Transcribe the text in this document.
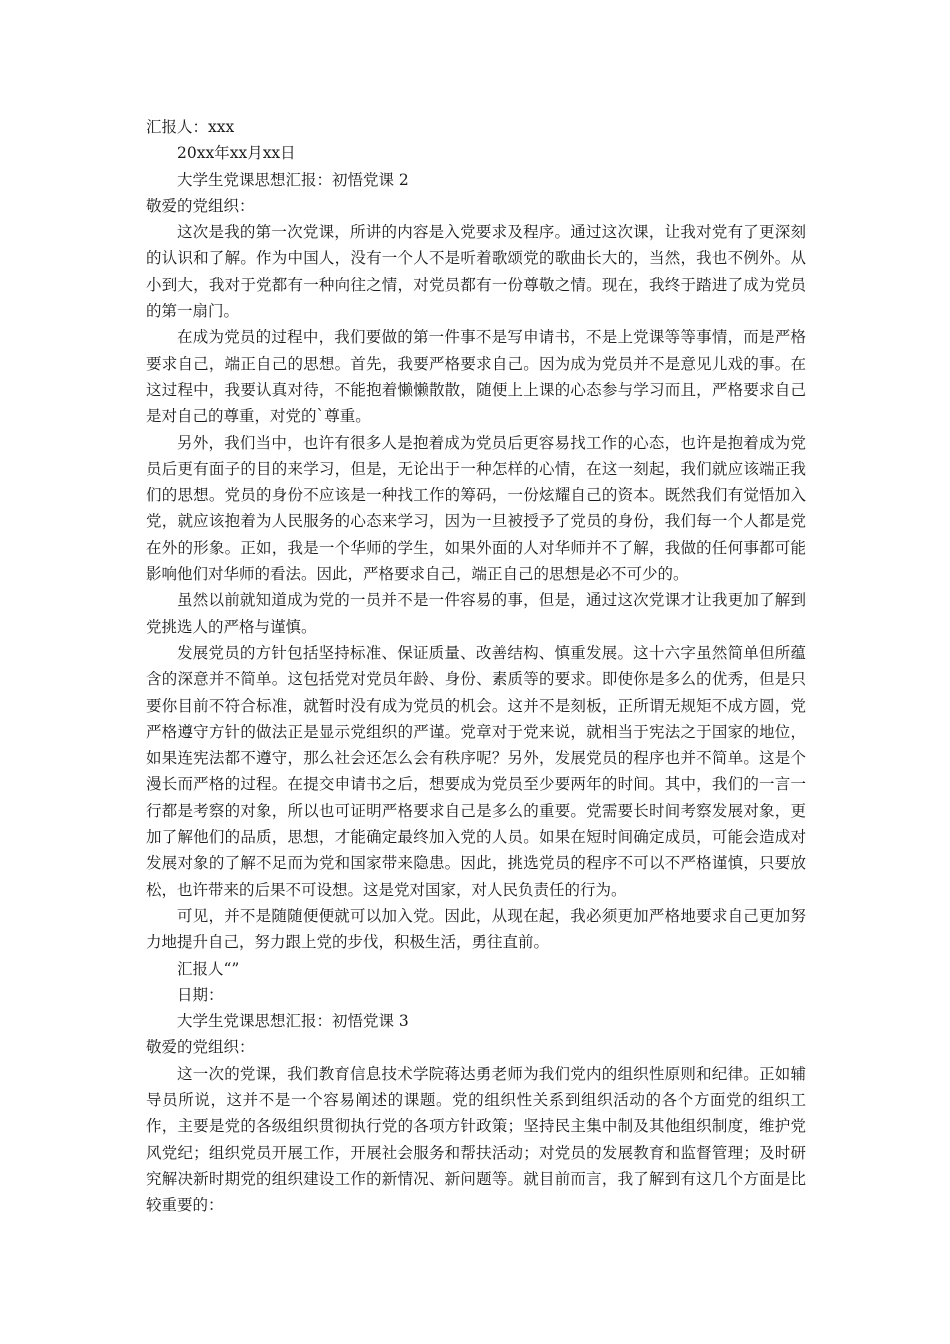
汇报人：xxx

20xx年xx月xx日

大学生党课思想汇报：初悟党课 2

敬爱的党组织：

这次是我的第一次党课，所讲的内容是入党要求及程序。通过这次课，让我对党有了更深刻的认识和了解。作为中国人，没有一个人不是听着歌颂党的歌曲长大的，当然，我也不例外。从小到大，我对于党都有一种向往之情，对党员都有一份尊敬之情。现在，我终于踏进了成为党员的第一扇门。

在成为党员的过程中，我们要做的第一件事不是写申请书，不是上党课等等事情，而是严格要求自己，端正自己的思想。首先，我要严格要求自己。因为成为党员并不是意见儿戏的事。在这过程中，我要认真对待，不能抱着懒懒散散，随便上上课的心态参与学习而且，严格要求自己是对自己的尊重，对党的`尊重。

另外，我们当中，也许有很多人是抱着成为党员后更容易找工作的心态，也许是抱着成为党员后更有面子的目的来学习，但是，无论出于一种怎样的心情，在这一刻起，我们就应该端正我们的思想。党员的身份不应该是一种找工作的筹码，一份炫耀自己的资本。既然我们有觉悟加入党，就应该抱着为人民服务的心态来学习，因为一旦被授予了党员的身份，我们每一个人都是党在外的形象。正如，我是一个华师的学生，如果外面的人对华师并不了解，我做的任何事都可能影响他们对华师的看法。因此，严格要求自己，端正自己的思想是必不可少的。

虽然以前就知道成为党的一员并不是一件容易的事，但是，通过这次党课才让我更加了解到党挑选人的严格与谨慎。

发展党员的方针包括坚持标准、保证质量、改善结构、慎重发展。这十六字虽然简单但所蕴含的深意并不简单。这包括党对党员年龄、身份、素质等的要求。即使你是多么的优秀，但是只要你目前不符合标准，就暂时没有成为党员的机会。这并不是刻板，正所谓无规矩不成方圆，党严格遵守方针的做法正是显示党组织的严谨。党章对于党来说，就相当于宪法之于国家的地位，如果连宪法都不遵守，那么社会还怎么会有秩序呢？另外，发展党员的程序也并不简单。这是个漫长而严格的过程。在提交申请书之后，想要成为党员至少要两年的时间。其中，我们的一言一行都是考察的对象，所以也可证明严格要求自己是多么的重要。党需要长时间考察发展对象，更加了解他们的品质，思想，才能确定最终加入党的人员。如果在短时间确定成员，可能会造成对发展对象的了解不足而为党和国家带来隐患。因此，挑选党员的程序不可以不严格谨慎，只要放松，也许带来的后果不可设想。这是党对国家，对人民负责任的行为。

可见，并不是随随便便就可以加入党。因此，从现在起，我必须更加严格地要求自己更加努力地提升自己，努力跟上党的步伐，积极生活，勇往直前。

汇报人“”

日期：

大学生党课思想汇报：初悟党课 3

敬爱的党组织：

这一次的党课，我们教育信息技术学院蒋达勇老师为我们党内的组织性原则和纪律。正如辅导员所说，这并不是一个容易阐述的课题。党的组织性关系到组织活动的各个方面党的组织工作，主要是党的各级组织贯彻执行党的各项方针政策；坚持民主集中制及其他组织制度，维护党风党纪；组织党员开展工作，开展社会服务和帮扶活动；对党员的发展教育和监督管理；及时研究解决新时期党的组织建设工作的新情况、新问题等。就目前而言，我了解到有这几个方面是比较重要的：
